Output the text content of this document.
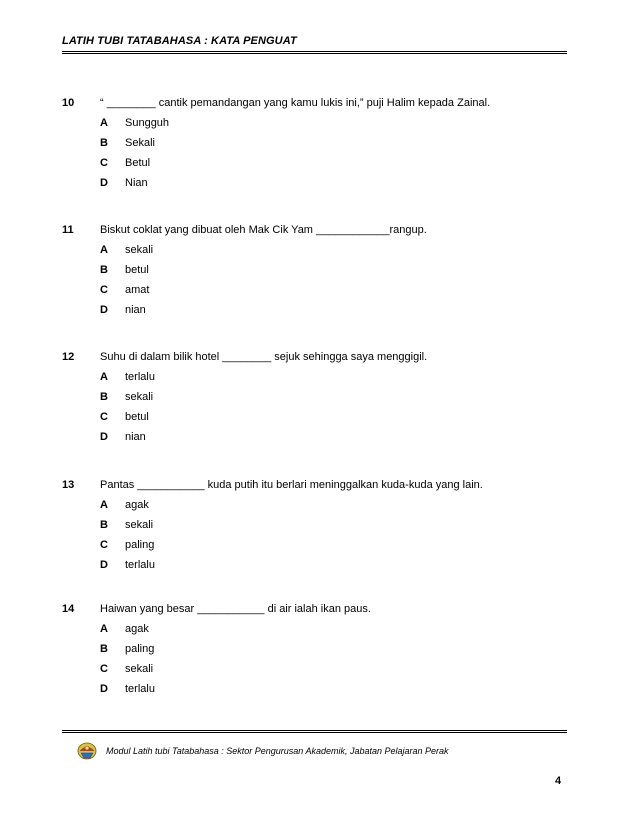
LATIH TUBI TATABAHASA : KATA PENGUAT
10 “ ________ cantik pemandangan yang kamu lukis ini,” puji Halim kepada Zainal.
A Sungguh
B Sekali
C Betul
D Nian
11 Biskut coklat yang dibuat oleh Mak Cik Yam ____________rangup.
A sekali
B betul
C amat
D nian
12 Suhu di dalam bilik hotel ________ sejuk sehingga saya menggigil.
A terlalu
B sekali
C betul
D nian
13 Pantas ___________ kuda putih itu berlari meninggalkan kuda-kuda yang lain.
A agak
B sekali
C paling
D terlalu
14 Haiwan yang besar ___________ di air ialah ikan paus.
A agak
B paling
C sekali
D terlalu
Modul Latih tubi Tatabahasa : Sektor Pengurusan Akademik, Jabatan Pelajaran Perak
4
